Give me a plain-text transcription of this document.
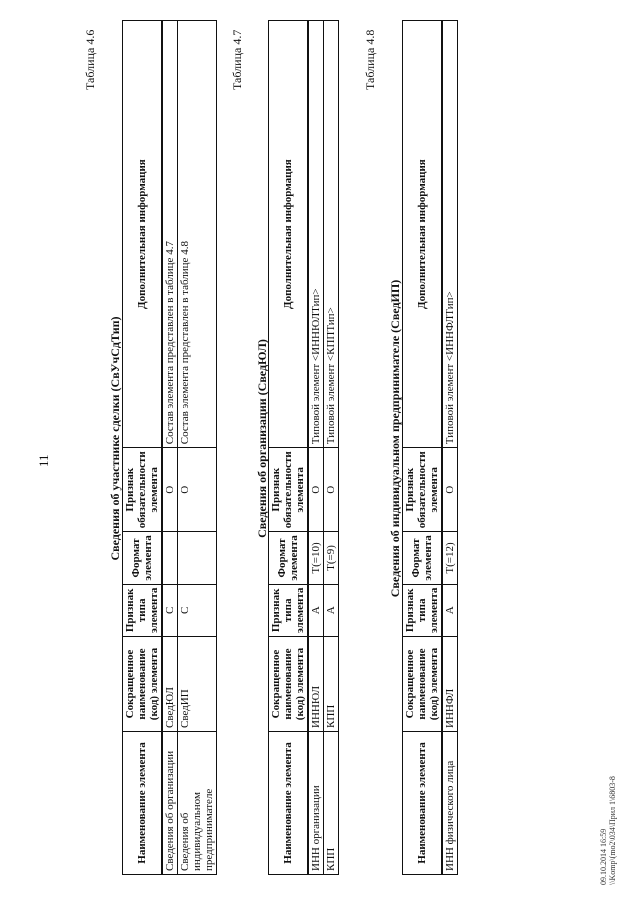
11
Таблица 4.6
Сведения об участнике сделки (СвУчСдТип)
Наименование элемента	Сокращенное наименование (код) элемента	Признак типа элемента	Формат элемента	Признак обязательности элемента	Дополнительная информация
Сведения об организации	СведЮЛ	С		О	Состав элемента представлен в таблице 4.7
Сведения об индивидуальном предпринимателе	СведИП	С		О	Состав элемента представлен в таблице 4.8
Таблица 4.7
Сведения об организации (СведЮЛ)
Наименование элемента	Сокращенное наименование (код) элемента	Признак типа элемента	Формат элемента	Признак обязательности элемента	Дополнительная информация
ИНН организации	ИННЮЛ	А	Т(=10)	О	Типовой элемент <ИННЮЛТип>
КПП	КПП	А	Т(=9)	О	Типовой элемент <КППТип>
Таблица 4.8
Сведения об индивидуальном предпринимателе (СведИП)
Наименование элемента	Сокращенное наименование (код) элемента	Признак типа элемента	Формат элемента	Признак обязательности элемента	Дополнительная информация
ИНН физического лица	ИННФЛ	А	Т(=12)	О	Типовой элемент <ИННФЛТип>
09.10.2014 16:59 \\Komp\(mo2\034\Прил 1\6803-8
